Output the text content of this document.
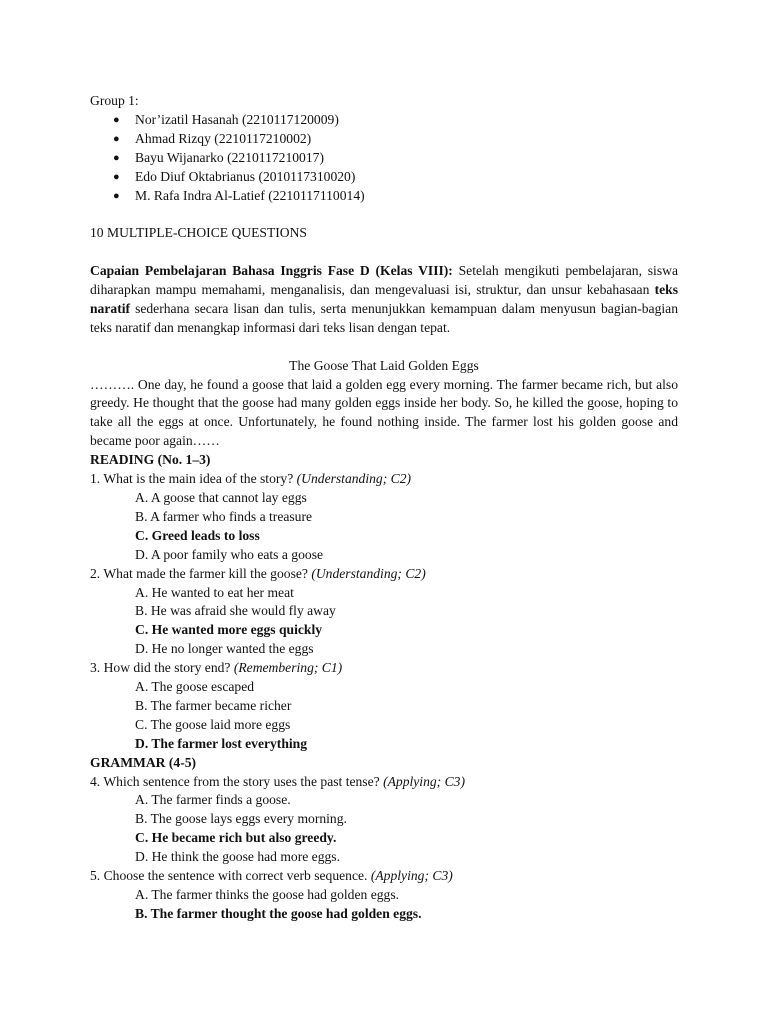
Group 1:
● Nor’izatil Hasanah (2210117120009)
● Ahmad Rizqy (2210117210002)
● Bayu Wijanarko (2210117210017)
● Edo Diuf Oktabrianus (2010117310020)
● M. Rafa Indra Al-Latief (2210117110014)
10 MULTIPLE-CHOICE QUESTIONS

Capaian Pembelajaran Bahasa Inggris Fase D (Kelas VIII): Setelah mengikuti pembelajaran, siswa diharapkan mampu memahami, menganalisis, dan mengevaluasi isi, struktur, dan unsur kebahasaan teks naratif sederhana secara lisan dan tulis, serta menunjukkan kemampuan dalam menyusun bagian-bagian teks naratif dan menangkap informasi dari teks lisan dengan tepat.

The Goose That Laid Golden Eggs

………. One day, he found a goose that laid a golden egg every morning. The farmer became rich, but also greedy. He thought that the goose had many golden eggs inside her body. So, he killed the goose, hoping to take all the eggs at once. Unfortunately, he found nothing inside. The farmer lost his golden goose and became poor again……

READING (No. 1–3)
1. What is the main idea of the story? (Understanding; C2)
A. A goose that cannot lay eggs
B. A farmer who finds a treasure
C. Greed leads to loss
D. A poor family who eats a goose
2. What made the farmer kill the goose? (Understanding; C2)
A. He wanted to eat her meat
B. He was afraid she would fly away
C. He wanted more eggs quickly
D. He no longer wanted the eggs
3. How did the story end? (Remembering; C1)
A. The goose escaped
B. The farmer became richer
C. The goose laid more eggs
D. The farmer lost everything
GRAMMAR (4-5)
4. Which sentence from the story uses the past tense? (Applying; C3)
A. The farmer finds a goose.
B. The goose lays eggs every morning.
C. He became rich but also greedy.
D. He think the goose had more eggs.
5. Choose the sentence with correct verb sequence. (Applying; C3)
A. The farmer thinks the goose had golden eggs.
B. The farmer thought the goose had golden eggs.
